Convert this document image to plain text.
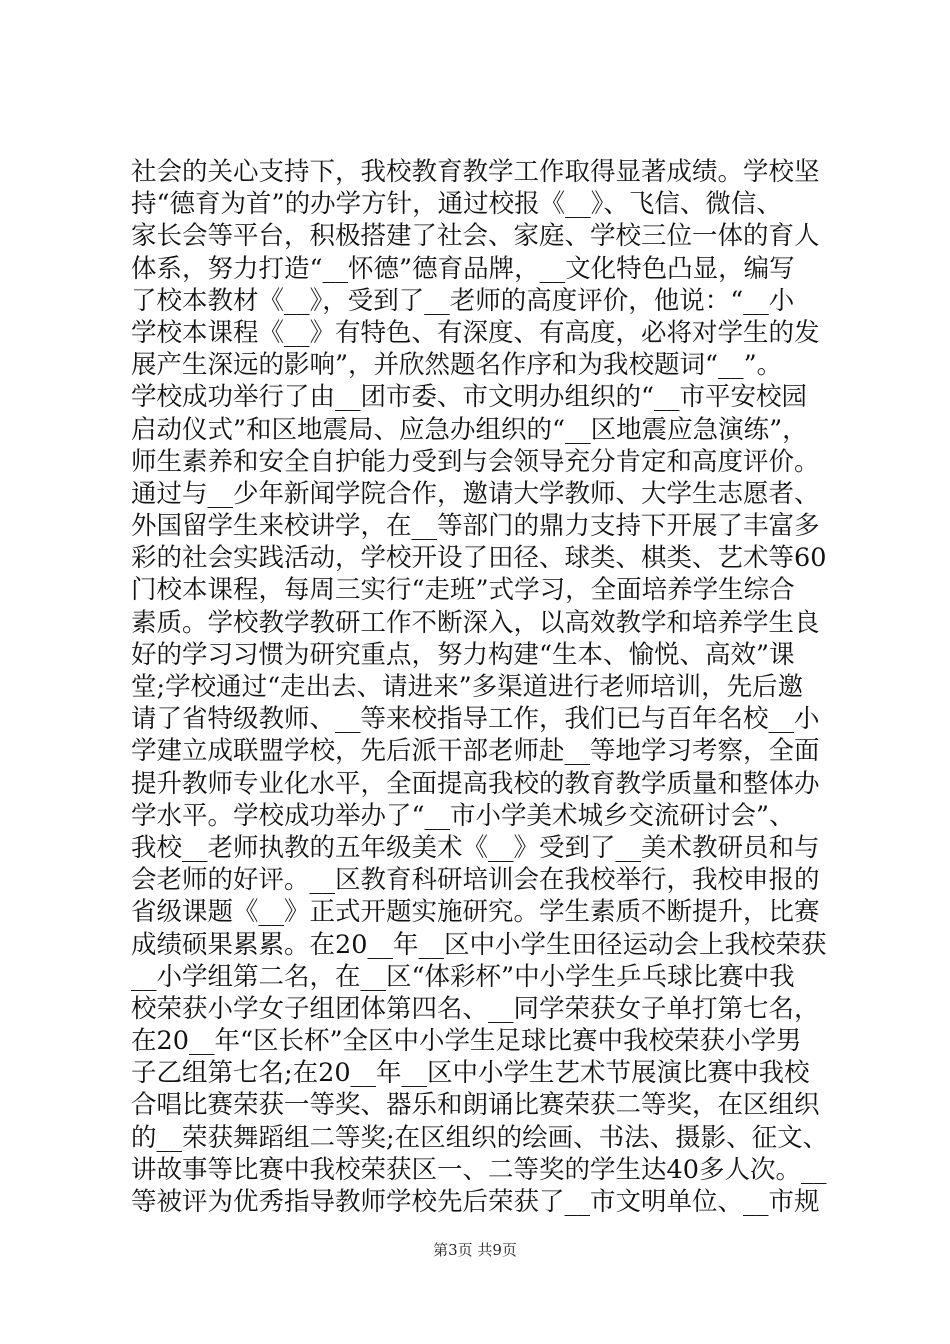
社会的关心支持下，我校教育教学工作取得显著成绩。学校坚
持“德育为首”的办学方针，通过校报《__》、飞信、微信、
家长会等平台，积极搭建了社会、家庭、学校三位一体的育人
体系，努力打造“__怀德”德育品牌，__文化特色凸显，编写
了校本教材《__》，受到了__老师的高度评价，他说：“__小
学校本课程《__》有特色、有深度、有高度，必将对学生的发
展产生深远的影响”，并欣然题名作序和为我校题词“__”。
学校成功举行了由__团市委、市文明办组织的“__市平安校园
启动仪式”和区地震局、应急办组织的“__区地震应急演练”，
师生素养和安全自护能力受到与会领导充分肯定和高度评价。
通过与__少年新闻学院合作，邀请大学教师、大学生志愿者、
外国留学生来校讲学，在__等部门的鼎力支持下开展了丰富多
彩的社会实践活动，学校开设了田径、球类、棋类、艺术等60
门校本课程，每周三实行“走班”式学习，全面培养学生综合
素质。学校教学教研工作不断深入，以高效教学和培养学生良
好的学习习惯为研究重点，努力构建“生本、愉悦、高效”课
堂;学校通过“走出去、请进来”多渠道进行老师培训，先后邀
请了省特级教师、__等来校指导工作，我们已与百年名校__小
学建立成联盟学校，先后派干部老师赴__等地学习考察，全面
提升教师专业化水平，全面提高我校的教育教学质量和整体办
学水平。学校成功举办了“__市小学美术城乡交流研讨会”、
我校__老师执教的五年级美术《__》受到了__美术教研员和与
会老师的好评。__区教育科研培训会在我校举行，我校申报的
省级课题《__》正式开题实施研究。学生素质不断提升，比赛
成绩硕果累累。在20__年__区中小学生田径运动会上我校荣获
__小学组第二名，在__区“体彩杯”中小学生乒乓球比赛中我
校荣获小学女子组团体第四名、__同学荣获女子单打第七名，
在20__年“区长杯”全区中小学生足球比赛中我校荣获小学男
子乙组第七名;在20__年__区中小学生艺术节展演比赛中我校
合唱比赛荣获一等奖、器乐和朗诵比赛荣获二等奖，在区组织
的__荣获舞蹈组二等奖;在区组织的绘画、书法、摄影、征文、
讲故事等比赛中我校荣获区一、二等奖的学生达40多人次。__
等被评为优秀指导教师学校先后荣获了__市文明单位、__市规
第3页 共9页
